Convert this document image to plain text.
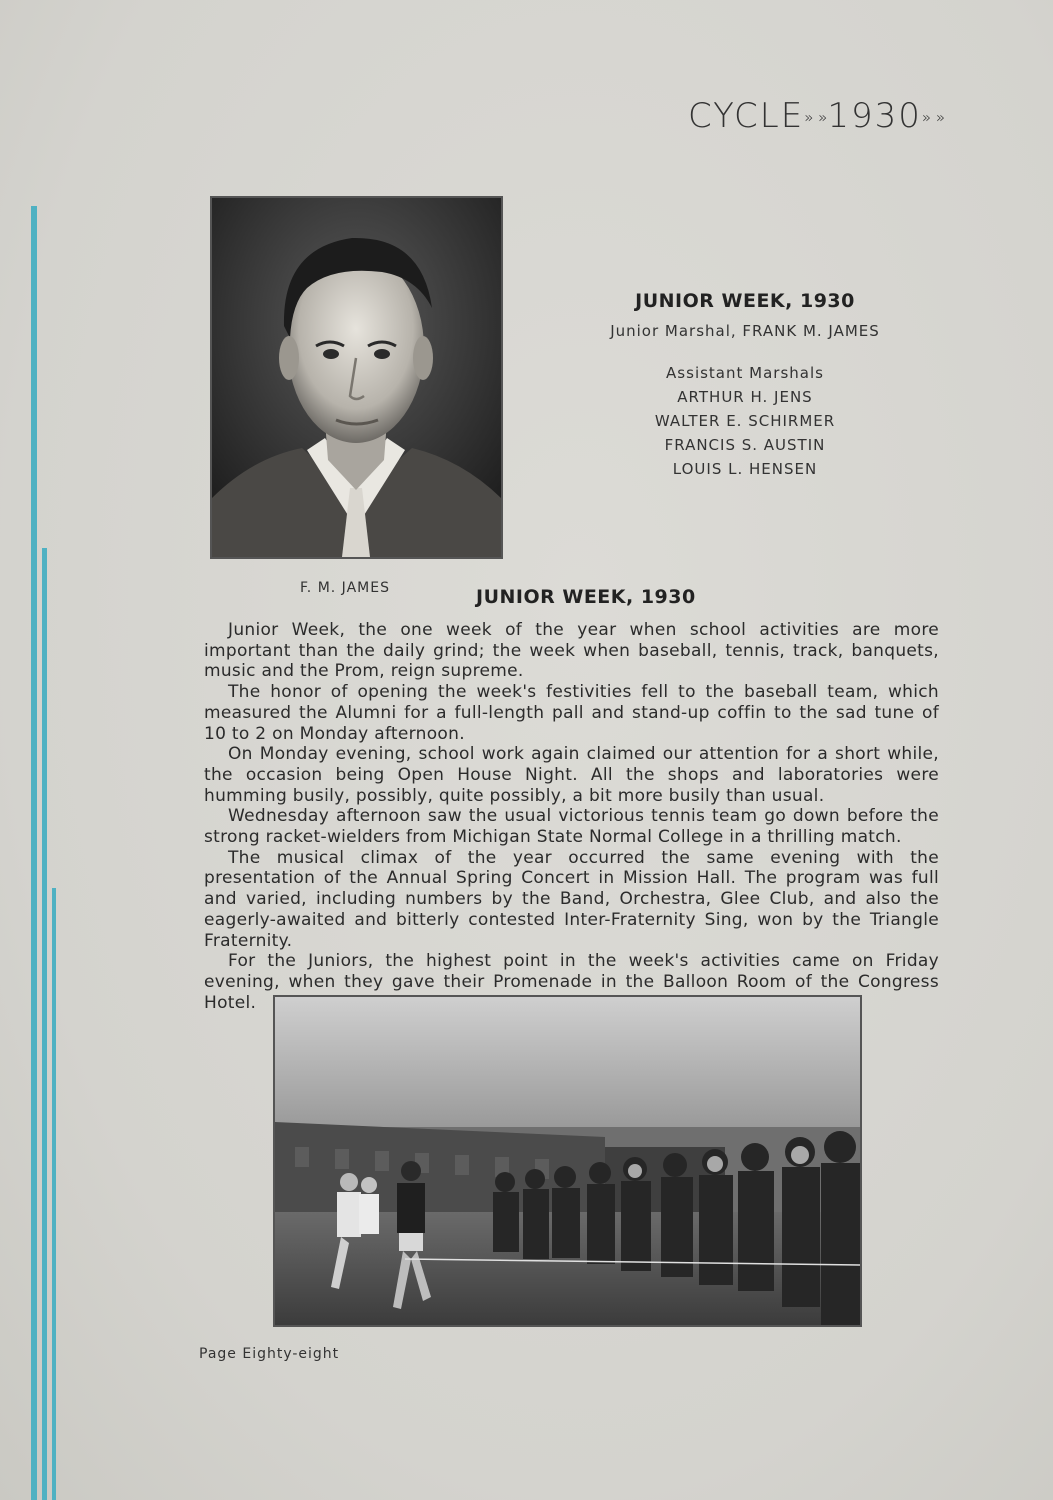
CYCLE» »1930» »
JUNIOR WEEK, 1930
Junior Marshal, FRANK M. JAMES
Assistant Marshals
ARTHUR H. JENS
WALTER E. SCHIRMER
FRANCIS S. AUSTIN
LOUIS L. HENSEN
F. M. JAMES	JUNIOR WEEK, 1930

Junior Week, the one week of the year when school activities are more important than the daily grind; the week when baseball, tennis, track, banquets, music and the Prom, reign supreme.

The honor of opening the week's festivities fell to the baseball team, which measured the Alumni for a full-length pall and stand-up coffin to the sad tune of 10 to 2 on Monday afternoon.

On Monday evening, school work again claimed our attention for a short while, the occasion being Open House Night. All the shops and laboratories were humming busily, possibly, quite possibly, a bit more busily than usual.

Wednesday afternoon saw the usual victorious tennis team go down before the strong racket-wielders from Michigan State Normal College in a thrilling match.

The musical climax of the year occurred the same evening with the presentation of the Annual Spring Concert in Mission Hall. The program was full and varied, including numbers by the Band, Orchestra, Glee Club, and also the eagerly-awaited and bitterly contested Inter-Fraternity Sing, won by the Triangle Fraternity.

For the Juniors, the highest point in the week's activities came on Friday evening, when they gave their Promenade in the Balloon Room of the Congress Hotel.

Page Eighty-eight
